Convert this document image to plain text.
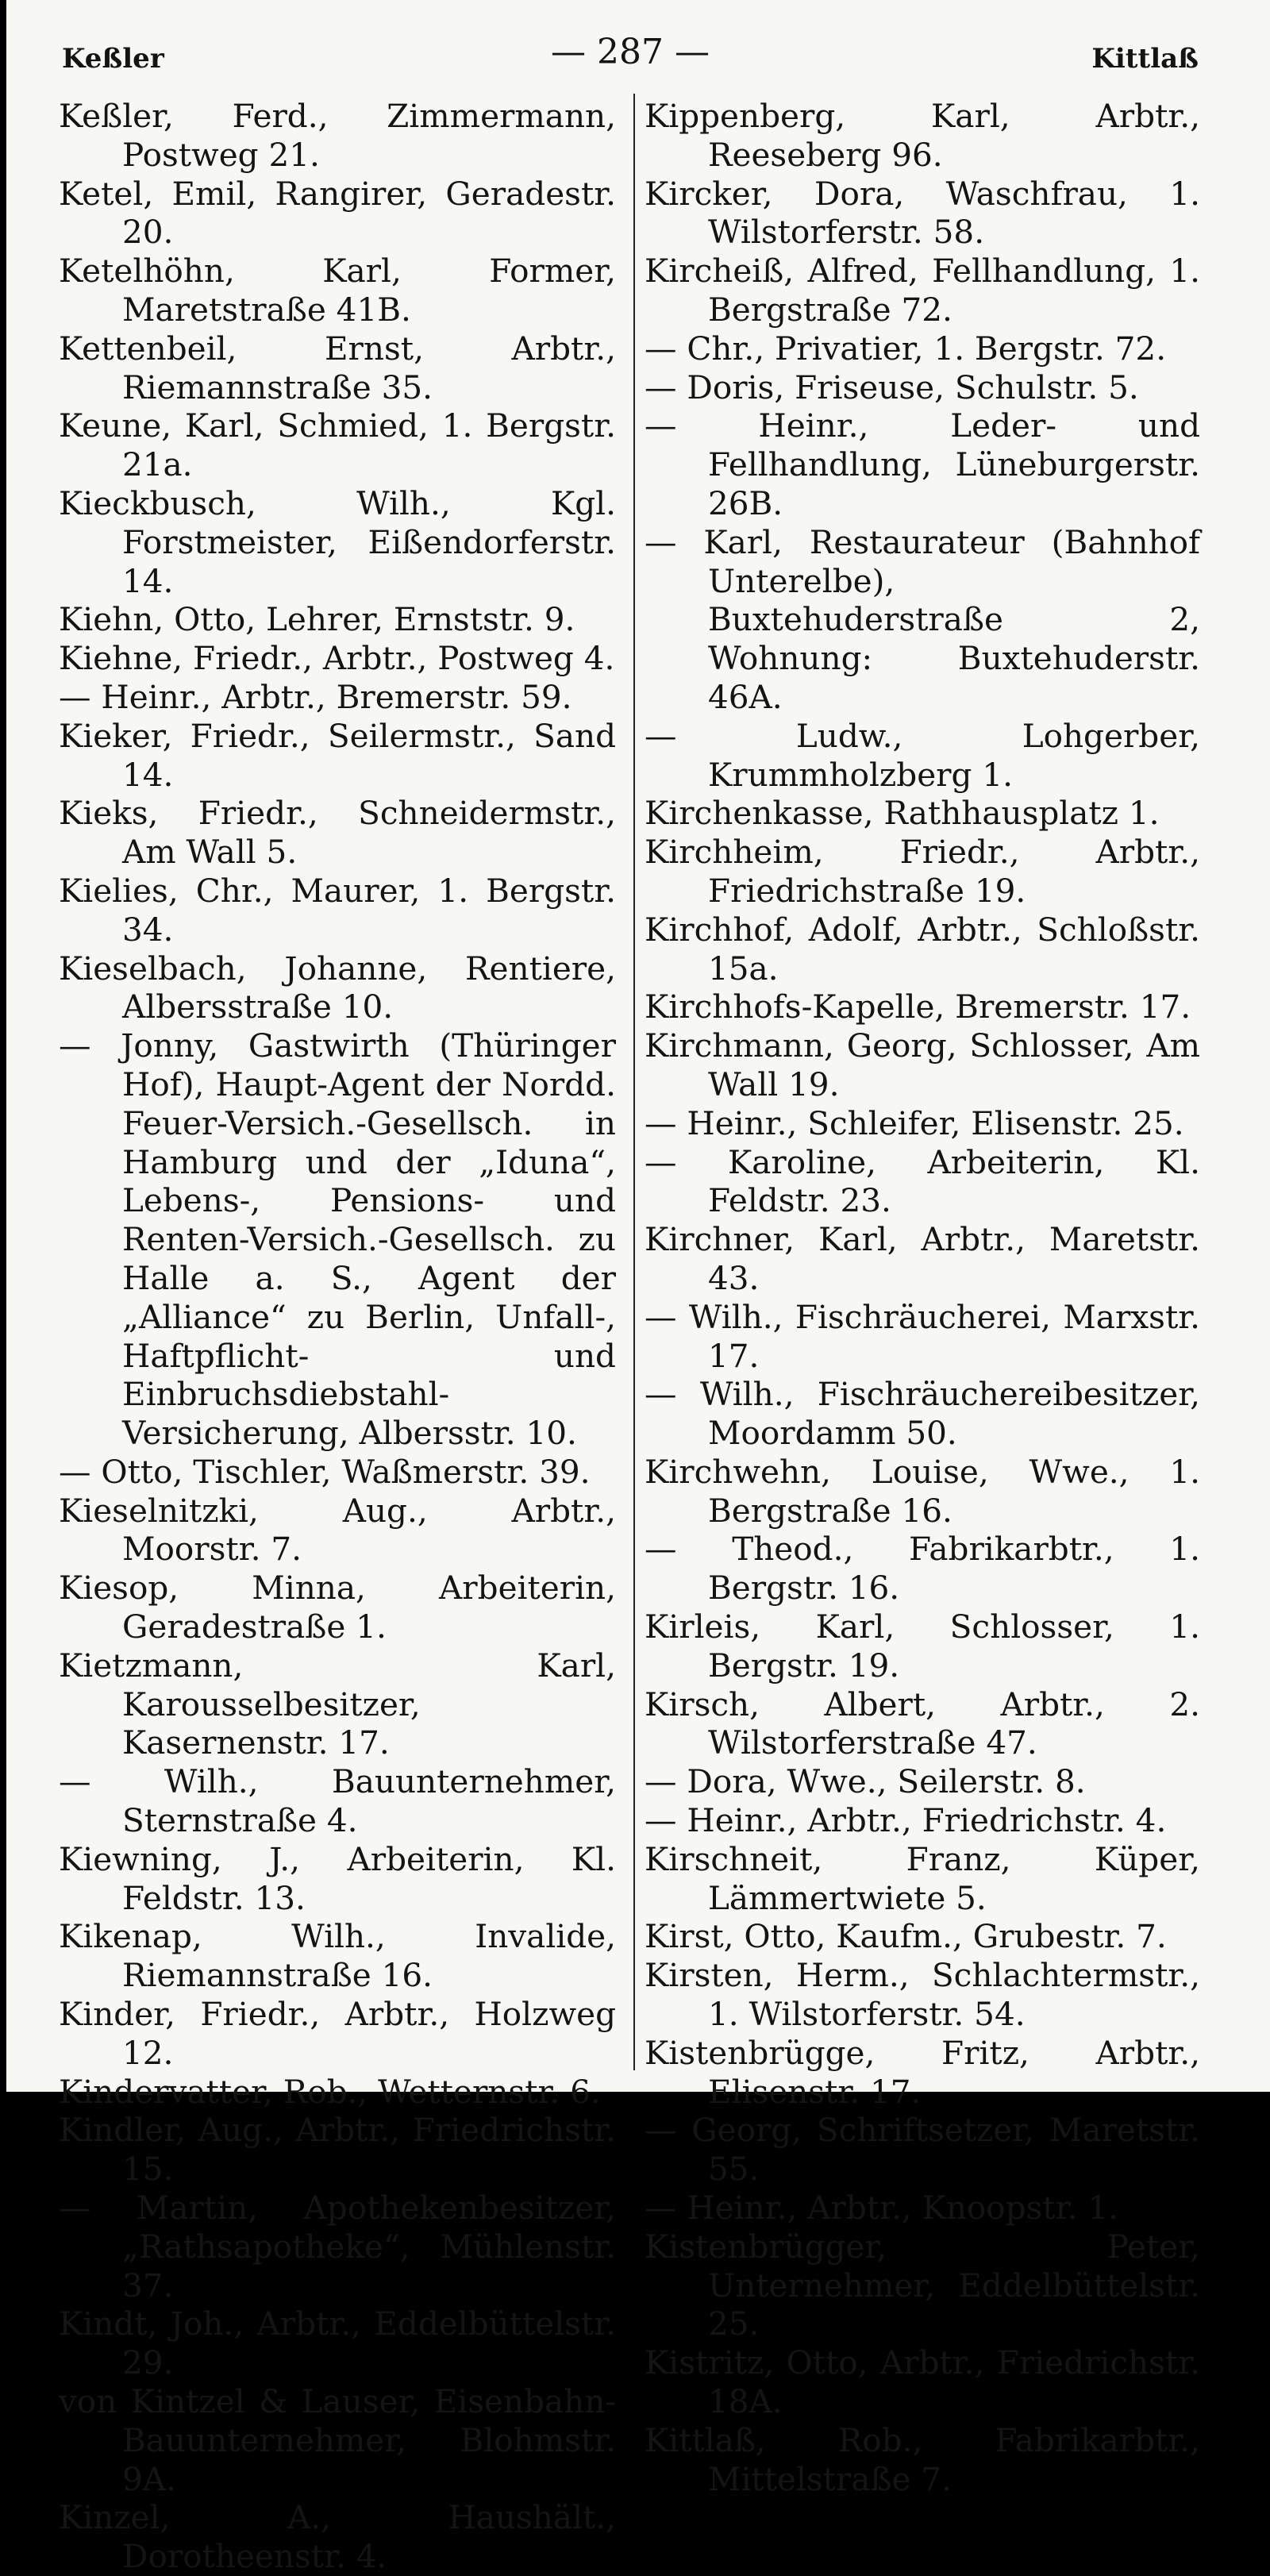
Keßler	— 287 —	Kittlaß
Keßler, Ferd., Zimmermann, Postweg 21.
Ketel, Emil, Rangirer, Geradestr. 20.
Ketelhöhn, Karl, Former, Maretstraße 41B.
Kettenbeil, Ernst, Arbtr., Riemannstraße 35.
Keune, Karl, Schmied, 1. Bergstr. 21a.
Kieckbusch, Wilh., Kgl. Forstmeister, Eißendorferstr. 14.
Kiehn, Otto, Lehrer, Ernststr. 9.
Kiehne, Friedr., Arbtr., Postweg 4.
— Heinr., Arbtr., Bremerstr. 59.
Kieker, Friedr., Seilermstr., Sand 14.
Kieks, Friedr., Schneidermstr., Am Wall 5.
Kielies, Chr., Maurer, 1. Bergstr. 34.
Kieselbach, Johanne, Rentiere, Albersstraße 10.
— Jonny, Gastwirth (Thüringer Hof), Haupt-Agent der Nordd. Feuer-Versich.-Gesellsch. in Hamburg und der „Iduna“, Lebens-, Pensions- und Renten-Versich.-Gesellsch. zu Halle a. S., Agent der „Alliance“ zu Berlin, Unfall-, Haftpflicht- und Einbruchsdiebstahl-Versicherung, Albersstr. 10.
— Otto, Tischler, Waßmerstr. 39.
Kieselnitzki, Aug., Arbtr., Moorstr. 7.
Kiesop, Minna, Arbeiterin, Geradestraße 1.
Kietzmann, Karl, Karousselbesitzer, Kasernenstr. 17.
— Wilh., Bauunternehmer, Sternstraße 4.
Kiewning, J., Arbeiterin, Kl. Feldstr. 13.
Kikenap, Wilh., Invalide, Riemannstraße 16.
Kinder, Friedr., Arbtr., Holzweg 12.
Kindervatter, Rob., Wetternstr. 6.
Kindler, Aug., Arbtr., Friedrichstr. 15.
— Martin, Apothekenbesitzer, „Rathsapotheke“, Mühlenstr. 37.
Kindt, Joh., Arbtr., Eddelbüttelstr. 29.
von Kintzel & Lauser, Eisenbahn-Bauunternehmer, Blohmstr. 9A.
Kinzel, A., Haushält., Dorotheenstr. 4.
Kippenberg, Karl, Arbtr., Reeseberg 96.
Kircker, Dora, Waschfrau, 1. Wilstorferstr. 58.
Kircheiß, Alfred, Fellhandlung, 1. Bergstraße 72.
— Chr., Privatier, 1. Bergstr. 72.
— Doris, Friseuse, Schulstr. 5.
— Heinr., Leder- und Fellhandlung, Lüneburgerstr. 26B.
— Karl, Restaurateur (Bahnhof Unterelbe), Buxtehuderstraße 2, Wohnung: Buxtehuderstr. 46A.
— Ludw., Lohgerber, Krummholzberg 1.
Kirchenkasse, Rathhausplatz 1.
Kirchheim, Friedr., Arbtr., Friedrichstraße 19.
Kirchhof, Adolf, Arbtr., Schloßstr. 15a.
Kirchhofs-Kapelle, Bremerstr. 17.
Kirchmann, Georg, Schlosser, Am Wall 19.
— Heinr., Schleifer, Elisenstr. 25.
— Karoline, Arbeiterin, Kl. Feldstr. 23.
Kirchner, Karl, Arbtr., Maretstr. 43.
— Wilh., Fischräucherei, Marxstr. 17.
— Wilh., Fischräuchereibesitzer, Moordamm 50.
Kirchwehn, Louise, Wwe., 1. Bergstraße 16.
— Theod., Fabrikarbtr., 1. Bergstr. 16.
Kirleis, Karl, Schlosser, 1. Bergstr. 19.
Kirsch, Albert, Arbtr., 2. Wilstorferstraße 47.
— Dora, Wwe., Seilerstr. 8.
— Heinr., Arbtr., Friedrichstr. 4.
Kirschneit, Franz, Küper, Lämmertwiete 5.
Kirst, Otto, Kaufm., Grubestr. 7.
Kirsten, Herm., Schlachtermstr., 1. Wilstorferstr. 54.
Kistenbrügge, Fritz, Arbtr., Elisenstr. 17.
— Georg, Schriftsetzer, Maretstr. 55.
— Heinr., Arbtr., Knoopstr. 1.
Kistenbrügger, Peter, Unternehmer, Eddelbüttelstr. 25.
Kistritz, Otto, Arbtr., Friedrichstr. 18A.
Kittlaß, Rob., Fabrikarbtr., Mittelstraße 7.
